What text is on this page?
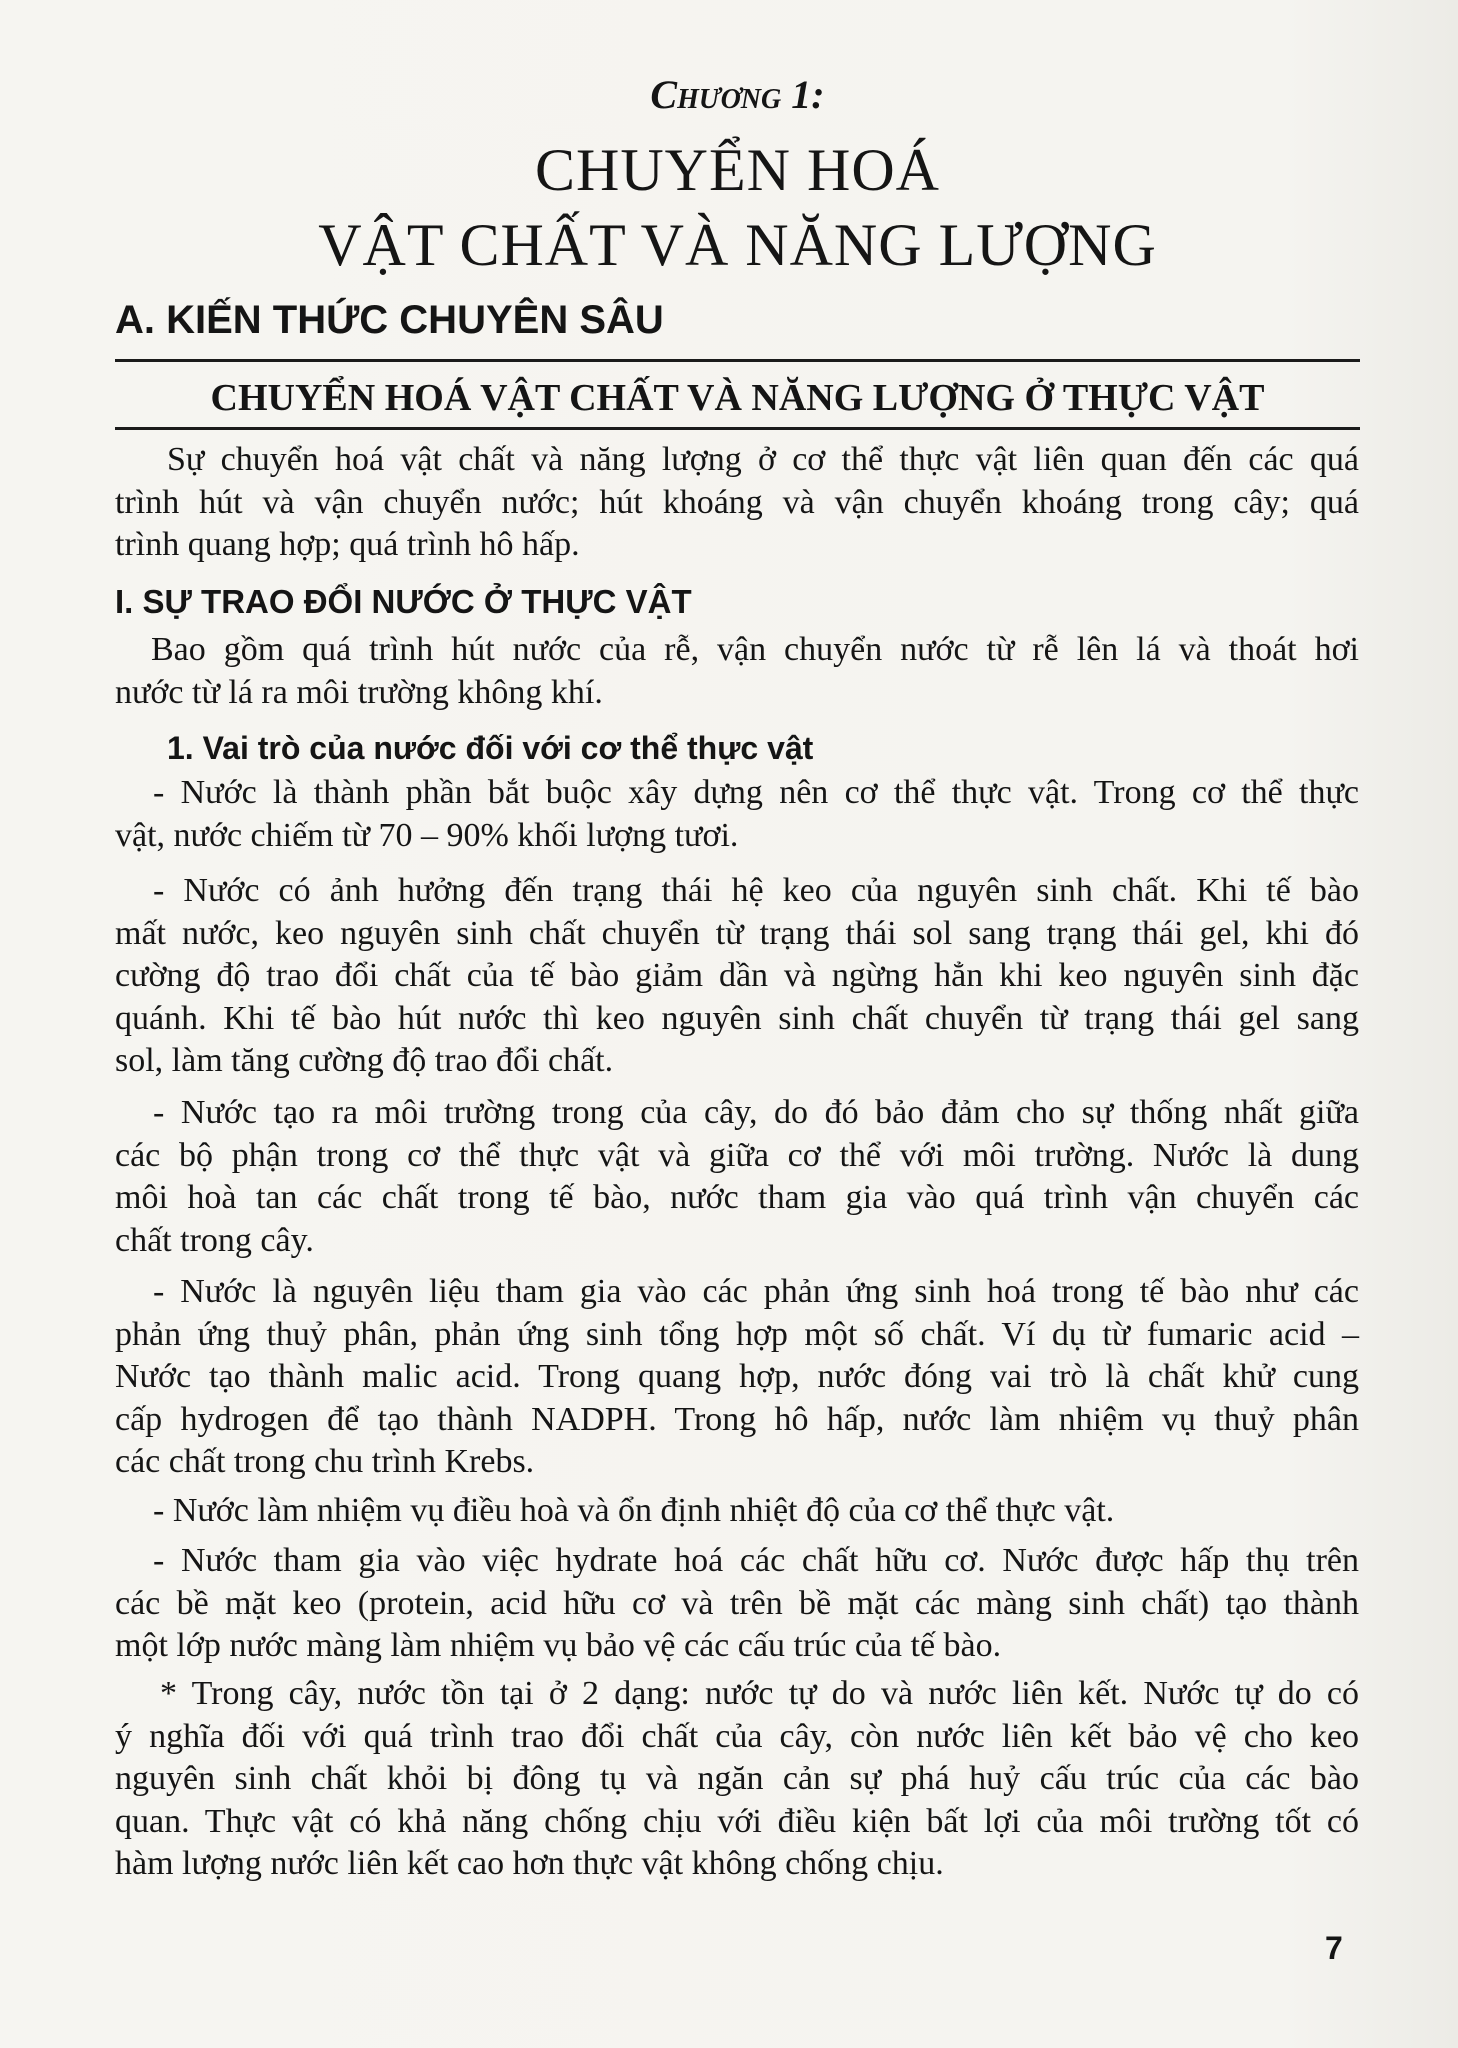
Chương 1:
CHUYỂN HOÁ
VẬT CHẤT VÀ NĂNG LƯỢNG
A. KIẾN THỨC CHUYÊN SÂU
CHUYỂN HOÁ VẬT CHẤT VÀ NĂNG LƯỢNG Ở THỰC VẬT
Sự chuyển hoá vật chất và năng lượng ở cơ thể thực vật liên quan đến các quá
trình hút và vận chuyển nước; hút khoáng và vận chuyển khoáng trong cây; quá
trình quang hợp; quá trình hô hấp.
I. SỰ TRAO ĐỔI NƯỚC Ở THỰC VẬT
Bao gồm quá trình hút nước của rễ, vận chuyển nước từ rễ lên lá và thoát hơi
nước từ lá ra môi trường không khí.
1. Vai trò của nước đối với cơ thể thực vật
- Nước là thành phần bắt buộc xây dựng nên cơ thể thực vật. Trong cơ thể thực
vật, nước chiếm từ 70 – 90% khối lượng tươi.
- Nước có ảnh hưởng đến trạng thái hệ keo của nguyên sinh chất. Khi tế bào
mất nước, keo nguyên sinh chất chuyển từ trạng thái sol sang trạng thái gel, khi đó
cường độ trao đổi chất của tế bào giảm dần và ngừng hẳn khi keo nguyên sinh đặc
quánh. Khi tế bào hút nước thì keo nguyên sinh chất chuyển từ trạng thái gel sang
sol, làm tăng cường độ trao đổi chất.
- Nước tạo ra môi trường trong của cây, do đó bảo đảm cho sự thống nhất giữa
các bộ phận trong cơ thể thực vật và giữa cơ thể với môi trường. Nước là dung
môi hoà tan các chất trong tế bào, nước tham gia vào quá trình vận chuyển các
chất trong cây.
- Nước là nguyên liệu tham gia vào các phản ứng sinh hoá trong tế bào như các
phản ứng thuỷ phân, phản ứng sinh tổng hợp một số chất. Ví dụ từ fumaric acid –
Nước tạo thành malic acid. Trong quang hợp, nước đóng vai trò là chất khử cung
cấp hydrogen để tạo thành NADPH. Trong hô hấp, nước làm nhiệm vụ thuỷ phân
các chất trong chu trình Krebs.
- Nước làm nhiệm vụ điều hoà và ổn định nhiệt độ của cơ thể thực vật.
- Nước tham gia vào việc hydrate hoá các chất hữu cơ. Nước được hấp thụ trên
các bề mặt keo (protein, acid hữu cơ và trên bề mặt các màng sinh chất) tạo thành
một lớp nước màng làm nhiệm vụ bảo vệ các cấu trúc của tế bào.
* Trong cây, nước tồn tại ở 2 dạng: nước tự do và nước liên kết. Nước tự do có
ý nghĩa đối với quá trình trao đổi chất của cây, còn nước liên kết bảo vệ cho keo
nguyên sinh chất khỏi bị đông tụ và ngăn cản sự phá huỷ cấu trúc của các bào
quan. Thực vật có khả năng chống chịu với điều kiện bất lợi của môi trường tốt có
hàm lượng nước liên kết cao hơn thực vật không chống chịu.
7
